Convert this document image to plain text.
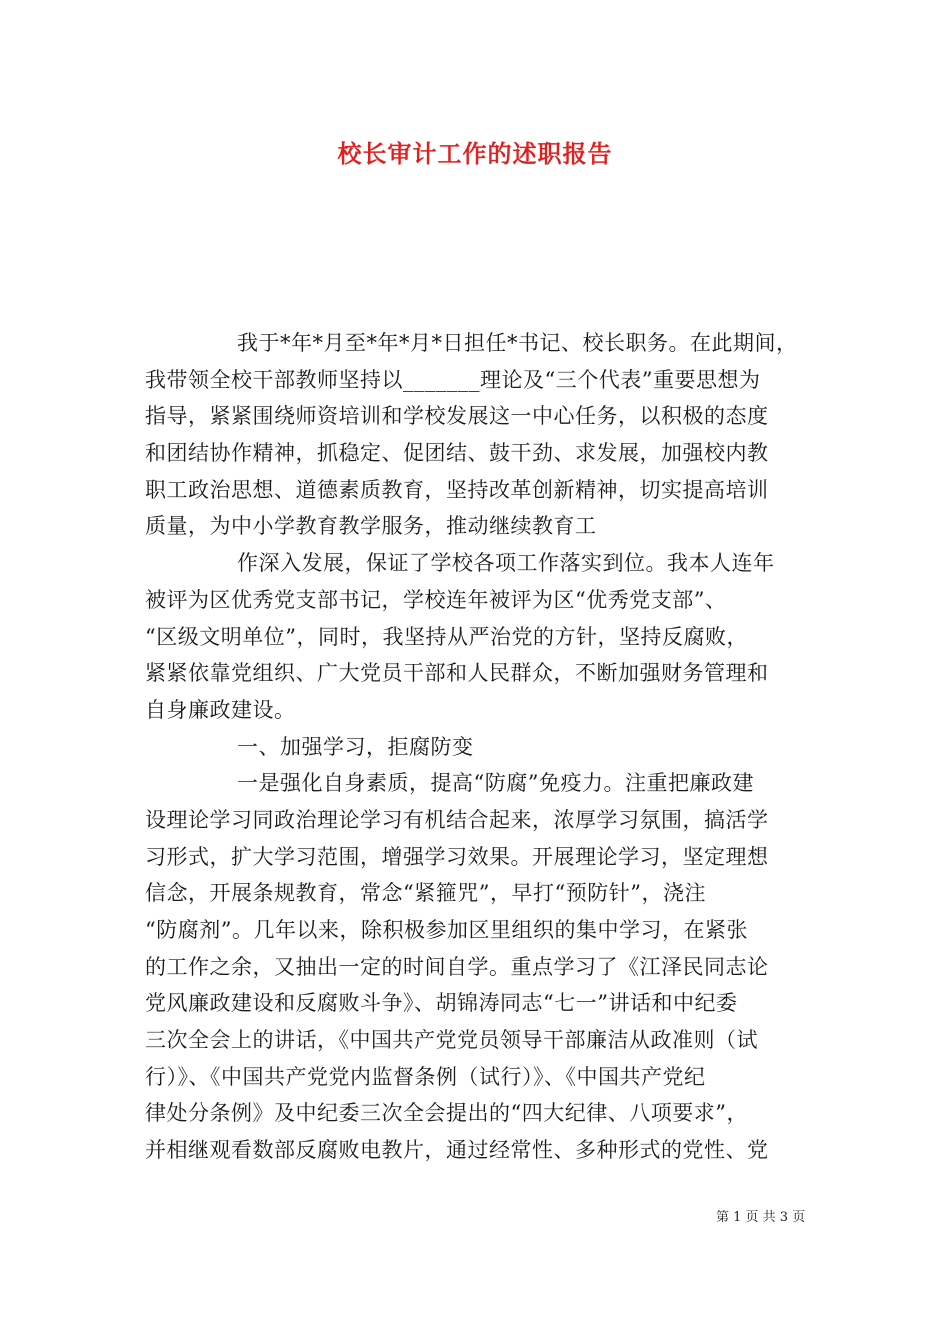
校长审计工作的述职报告
我于*年*月至*年*月*日担任*书记、校长职务。在此期间，
我带领全校干部教师坚持以_______理论及“三个代表”重要思想为
指导，紧紧围绕师资培训和学校发展这一中心任务，以积极的态度
和团结协作精神，抓稳定、促团结、鼓干劲、求发展，加强校内教
职工政治思想、道德素质教育，坚持改革创新精神，切实提高培训
质量，为中小学教育教学服务，推动继续教育工
作深入发展，保证了学校各项工作落实到位。我本人连年
被评为区优秀党支部书记，学校连年被评为区“优秀党支部”、
“区级文明单位”，同时，我坚持从严治党的方针，坚持反腐败，
紧紧依靠党组织、广大党员干部和人民群众，不断加强财务管理和
自身廉政建设。
一、加强学习，拒腐防变
一是强化自身素质，提高“防腐”免疫力。注重把廉政建
设理论学习同政治理论学习有机结合起来，浓厚学习氛围，搞活学
习形式，扩大学习范围，增强学习效果。开展理论学习，坚定理想
信念，开展条规教育，常念“紧箍咒”，早打“预防针”，浇注
“防腐剂”。几年以来，除积极参加区里组织的集中学习，在紧张
的工作之余，又抽出一定的时间自学。重点学习了《江泽民同志论
党风廉政建设和反腐败斗争》、胡锦涛同志“七一”讲话和中纪委
三次全会上的讲话，《中国共产党党员领导干部廉洁从政准则（试
行）》、《中国共产党党内监督条例（试行）》、《中国共产党纪
律处分条例》及中纪委三次全会提出的“四大纪律、八项要求”，
并相继观看数部反腐败电教片，通过经常性、多种形式的党性、党
第 1 页 共 3 页
